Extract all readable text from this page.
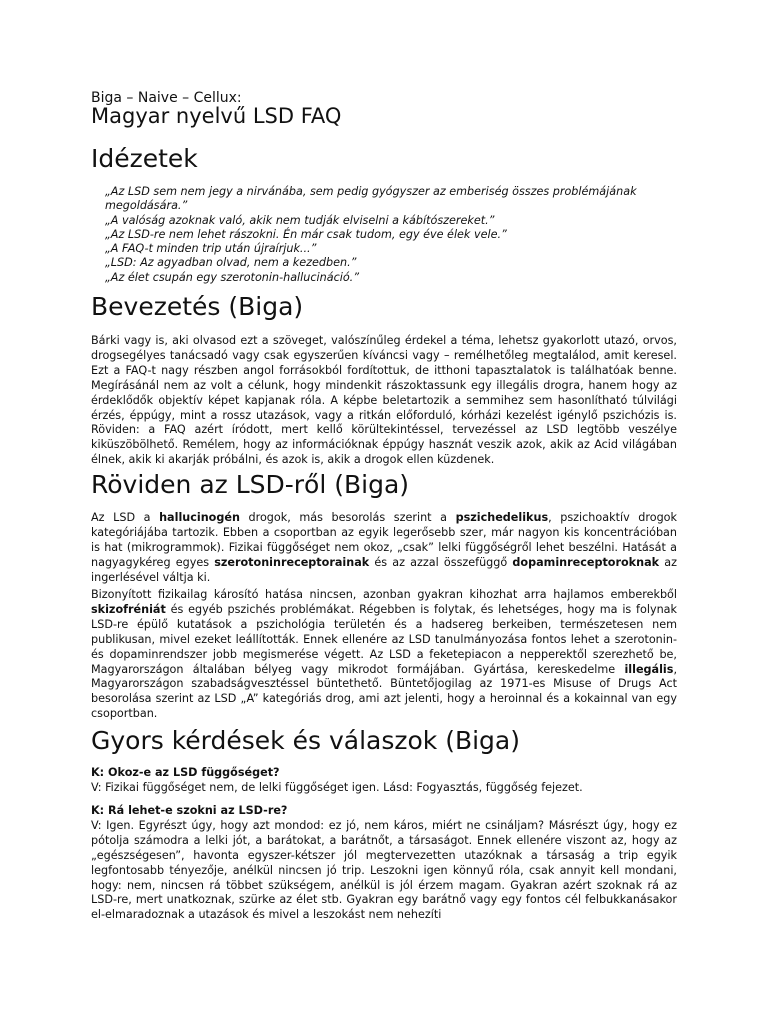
Biga – Naive – Cellux:
Magyar nyelvű LSD FAQ
Idézetek
„Az LSD sem nem jegy a nirvánába, sem pedig gyógyszer az emberiség összes problémájának megoldására.”
„A valóság azoknak való, akik nem tudják elviselni a kábítószereket.”
„Az LSD-re nem lehet rászokni. Én már csak tudom, egy éve élek vele.”
„A FAQ-t minden trip után újraírjuk...”
„LSD: Az agyadban olvad, nem a kezedben.”
„Az élet csupán egy szerotonin-hallucináció.”
Bevezetés (Biga)

Bárki vagy is, aki olvasod ezt a szöveget, valószínűleg érdekel a téma, lehetsz gyakorlott utazó, orvos, drogsegélyes tanácsadó vagy csak egyszerűen kíváncsi vagy – remélhetőleg megtalálod, amit keresel. Ezt a FAQ-t nagy részben angol forrásokból fordítottuk, de itthoni tapasztalatok is találhatóak benne. Megírásánál nem az volt a célunk, hogy mindenkit rászoktassunk egy illegális drogra, hanem hogy az érdeklődők objektív képet kapjanak róla. A képbe beletartozik a semmihez sem hasonlítható túlvilági érzés, éppúgy, mint a rossz utazások, vagy a ritkán előforduló, kórházi kezelést igénylő pszichózis is. Röviden: a FAQ azért íródott, mert kellő körültekintéssel, tervezéssel az LSD legtöbb veszélye kiküszöbölhető. Remélem, hogy az információknak éppúgy hasznát veszik azok, akik az Acid világában élnek, akik ki akarják próbálni, és azok is, akik a drogok ellen küzdenek.

Röviden az LSD-ről (Biga)

Az LSD a hallucinogén drogok, más besorolás szerint a pszichedelikus, pszichoaktív drogok kategóriájába tartozik. Ebben a csoportban az egyik legerősebb szer, már nagyon kis koncentrációban is hat (mikrogrammok). Fizikai függőséget nem okoz, „csak” lelki függőségről lehet beszélni. Hatását a nagyagykéreg egyes szerotoninreceptorainak és az azzal összefüggő dopaminreceptoroknak az ingerlésével váltja ki.

Bizonyított fizikailag károsító hatása nincsen, azonban gyakran kihozhat arra hajlamos emberekből skizofréniát és egyéb pszichés problémákat. Régebben is folytak, és lehetséges, hogy ma is folynak LSD-re épülő kutatások a pszichológia területén és a hadsereg berkeiben, természetesen nem publikusan, mivel ezeket leállították. Ennek ellenére az LSD tanulmányozása fontos lehet a szerotonin- és dopaminrendszer jobb megismerése végett. Az LSD a feketepiacon a nepperektől szerezhető be, Magyarországon általában bélyeg vagy mikrodot formájában. Gyártása, kereskedelme illegális, Magyarországon szabadságvesztéssel büntethető. Büntetőjogilag az 1971-es Misuse of Drugs Act besorolása szerint az LSD „A” kategóriás drog, ami azt jelenti, hogy a heroinnal és a kokainnal van egy csoportban.

Gyors kérdések és válaszok (Biga)

K: Okoz-e az LSD függőséget?
V: Fizikai függőséget nem, de lelki függőséget igen. Lásd: Fogyasztás, függőség fejezet.

K: Rá lehet-e szokni az LSD-re?
V: Igen. Egyrészt úgy, hogy azt mondod: ez jó, nem káros, miért ne csináljam? Másrészt úgy, hogy ez pótolja számodra a lelki jót, a barátokat, a barátnőt, a társaságot. Ennek ellenére viszont az, hogy az „egészségesen”, havonta egyszer-kétszer jól megtervezetten utazóknak a társaság a trip egyik legfontosabb tényezője, anélkül nincsen jó trip. Leszokni igen könnyű róla, csak annyit kell mondani, hogy: nem, nincsen rá többet szükségem, anélkül is jól érzem magam. Gyakran azért szoknak rá az LSD-re, mert unatkoznak, szürke az élet stb. Gyakran egy barátnő vagy egy fontos cél felbukkanásakor el-elmaradoznak a utazások és mivel a leszokást nem nehezíti
